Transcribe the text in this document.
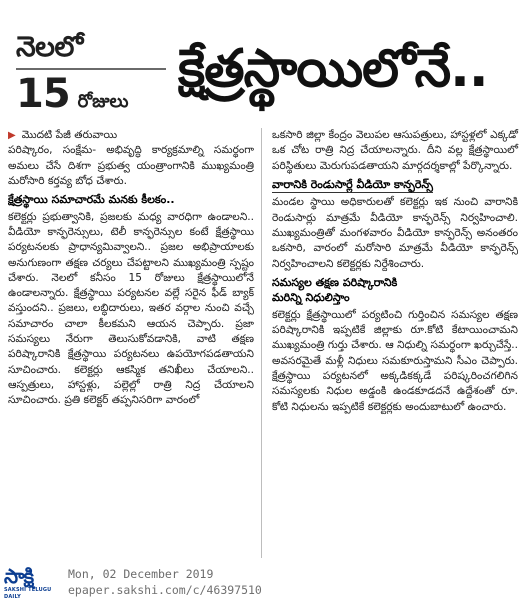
నెలలో
15 రోజులు
క్షేత్రస్థాయిలోనే..
▶ మొదటి పేజీ తరువాయి

పరిష్కారం, సంక్షేమ- అభివృద్ధి కార్యక్రమాల్ని సమర్థంగా అమలు చేసే దిశగా ప్రభుత్వ యంత్రాంగానికి ముఖ్యమంత్రి మరోసారి కర్తవ్య బోధ చేశారు.

క్షేత్రస్థాయి సమాచారమే మనకు కీలకం..

కలెక్టర్లు ప్రభుత్వానికి, ప్రజలకు మధ్య వారధిగా ఉండాలని.. వీడియో కాన్ఫరెన్సులు, టెలీ కాన్ఫరెన్సుల కంటే క్షేత్రస్థాయి పర్యటనలకు ప్రాధాన్యమివ్వాలని.. ప్రజల అభిప్రాయాలకు అనుగుణంగా తక్షణ చర్యలు చేపట్టాలని ముఖ్యమంత్రి స్పష్టం చేశారు. నెలలో కనీసం 15 రోజులు క్షేత్రస్థాయిలోనే ఉండాలన్నారు. క్షేత్రస్థాయి పర్యటనల వల్లే సరైన ఫీడ్ బ్యాక్ వస్తుందని.. ప్రజలు, లబ్ధిదారులు, ఇతర వర్గాల నుంచి వచ్చే సమాచారం చాలా కీలకమని ఆయన చెప్పారు. ప్రజా సమస్యలు నేరుగా తెలుసుకోవడానికి, వాటి తక్షణ పరిష్కారానికి క్షేత్రస్థాయి పర్యటనలు ఉపయోగపడతాయని సూచించారు. కలెక్టర్లు ఆకస్మిక తనిఖీలు చేయాలని.. ఆస్పత్రులు, హాస్టళ్లు, పల్లెల్లో రాత్రి నిద్ర చేయాలని సూచించారు. ప్రతి కలెక్టర్ తప్పనిసరిగా వారంలో

ఒకసారి జిల్లా కేంద్రం వెలుపల ఆసుపత్రులు, హాస్టళ్లలో ఎక్కడో ఒక చోట రాత్రి నిద్ర చేయాలన్నారు. దీని వల్ల క్షేత్రస్థాయిలో పరిస్థితులు మెరుగుపడతాయని మార్గదర్శకాల్లో పేర్కొన్నారు.

వారానికి రెండుసార్లే వీడియో కాన్ఫరెన్స్

మండల స్థాయి అధికారులతో కలెక్టర్లు ఇక నుంచి వారానికి రెండుసార్లు మాత్రమే వీడియో కాన్ఫరెన్స్ నిర్వహించాలి. ముఖ్యమంత్రితో మంగళవారం వీడియో కాన్ఫరెన్స్ అనంతరం ఒకసారి, వారంలో మరోసారి మాత్రమే వీడియో కాన్ఫరెన్స్ నిర్వహించాలని కలెక్టర్లకు నిర్దేశించారు.

సమస్యల తక్షణ పరిష్కారానికి
మరిన్ని నిధులిస్తాం

కలెక్టర్లు క్షేత్రస్థాయిలో పర్యటించి గుర్తించిన సమస్యల తక్షణ పరిష్కారానికి ఇప్పటికే జిల్లాకు రూ.కోటి కేటాయించామని ముఖ్యమంత్రి గుర్తు చేశారు. ఆ నిధుల్ని సమర్థంగా ఖర్చుచేస్తే.. అవసరమైతే మళ్లీ నిధులు సమకూరుస్తామని సీఎం చెప్పారు. క్షేత్రస్థాయి పర్యటనలో అక్కడికక్కడే పరిష్కరించగలిగిన సమస్యలకు నిధుల అడ్డంకి ఉండకూడదనే ఉద్దేశంతో రూ. కోటి నిధులను ఇప్పటికే కలెక్టర్లకు అందుబాటులో ఉంచారు.

సాక్షి
SAKSHI TELUGU DAILY
Mon, 02 December 2019
epaper.sakshi.com/c/46397510
